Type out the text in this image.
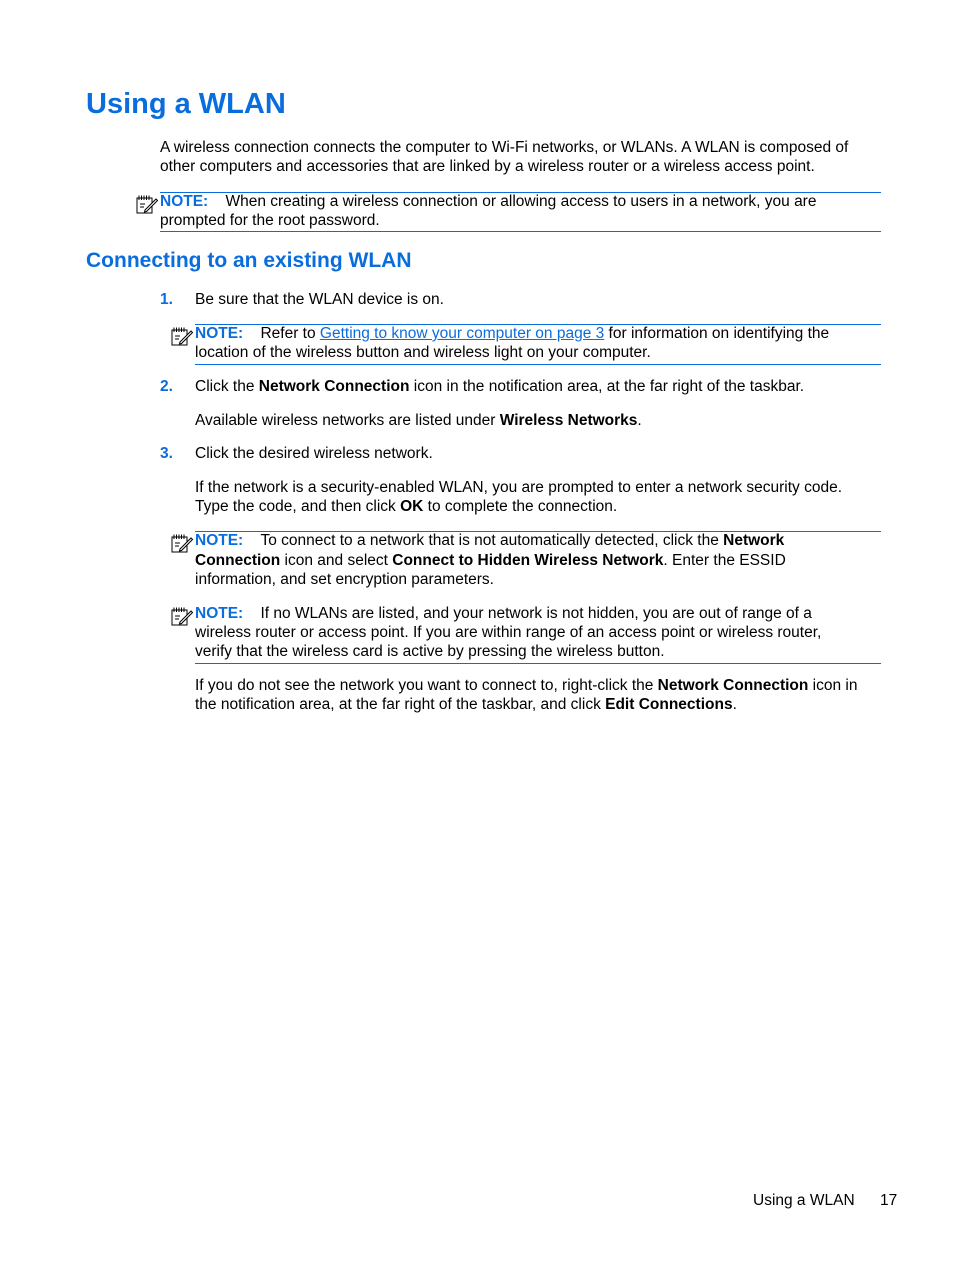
Using a WLAN
A wireless connection connects the computer to Wi-Fi networks, or WLANs. A WLAN is composed of
other computers and accessories that are linked by a wireless router or a wireless access point.
NOTE: When creating a wireless connection or allowing access to users in a network, you are
prompted for the root password.
Connecting to an existing WLAN
1. Be sure that the WLAN device is on.
NOTE: Refer to Getting to know your computer on page 3 for information on identifying the
location of the wireless button and wireless light on your computer.
2. Click the Network Connection icon in the notification area, at the far right of the taskbar.
Available wireless networks are listed under Wireless Networks.
3. Click the desired wireless network.
If the network is a security-enabled WLAN, you are prompted to enter a network security code.
Type the code, and then click OK to complete the connection.
NOTE: To connect to a network that is not automatically detected, click the Network
Connection icon and select Connect to Hidden Wireless Network. Enter the ESSID
information, and set encryption parameters.
NOTE: If no WLANs are listed, and your network is not hidden, you are out of range of a
wireless router or access point. If you are within range of an access point or wireless router,
verify that the wireless card is active by pressing the wireless button.
If you do not see the network you want to connect to, right-click the Network Connection icon in
the notification area, at the far right of the taskbar, and click Edit Connections.
Using a WLAN 17
